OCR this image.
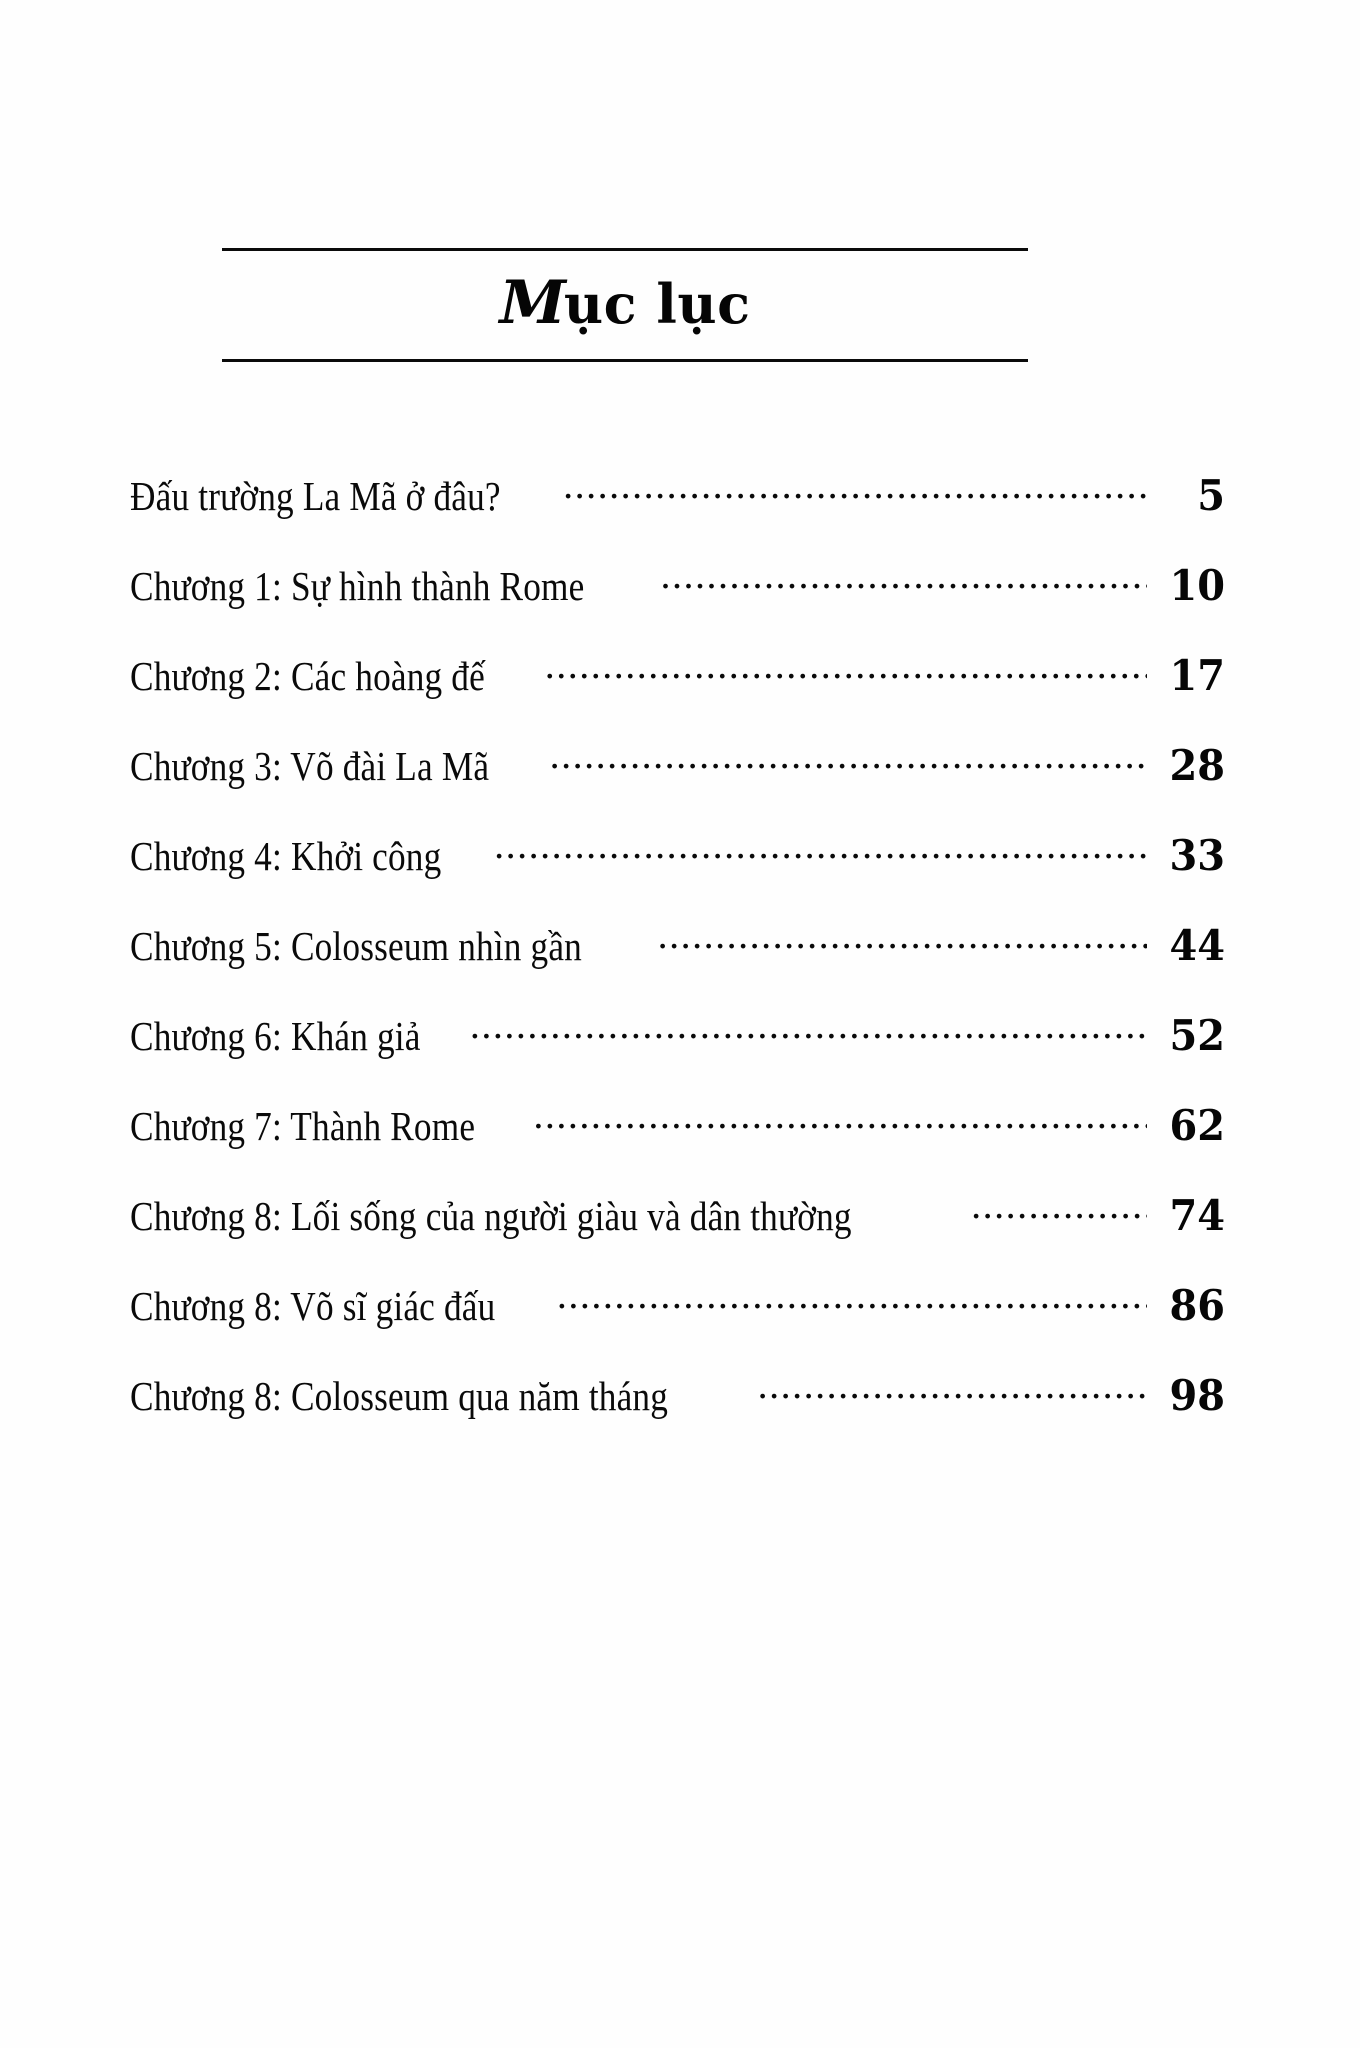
Mục lục
Đấu trường La Mã ở đâu? .....	5
Chương 1: Sự hình thành Rome .....	10
Chương 2: Các hoàng đế .....	17
Chương 3: Võ đài La Mã .....	28
Chương 4: Khởi công .....	33
Chương 5: Colosseum nhìn gần .....	44
Chương 6: Khán giả .....	52
Chương 7: Thành Rome .....	62
Chương 8: Lối sống của người giàu và dân thường .....	74
Chương 8: Võ sĩ giác đấu .....	86
Chương 8: Colosseum qua năm tháng .....	98
